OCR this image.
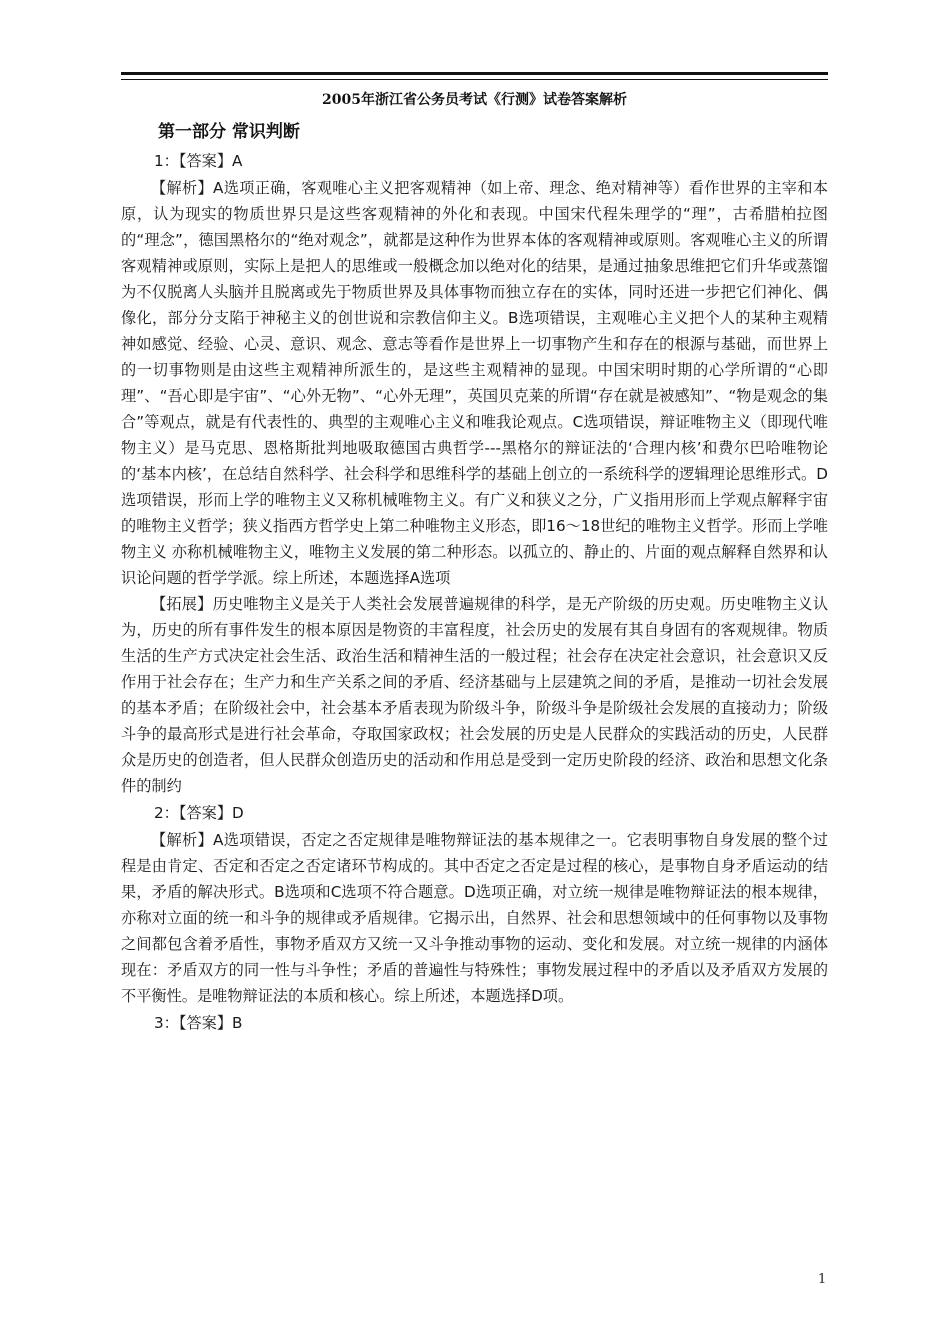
2005年浙江省公务员考试《行测》试卷答案解析
第一部分 常识判断

1：【答案】A

【解析】A选项正确，客观唯心主义把客观精神（如上帝、理念、绝对精神等）看作世界的主宰和本原，认为现实的物质世界只是这些客观精神的外化和表现。中国宋代程朱理学的“理”，古希腊柏拉图的“理念”，德国黑格尔的“绝对观念”，就都是这种作为世界本体的客观精神或原则。客观唯心主义的所谓客观精神或原则，实际上是把人的思维或一般概念加以绝对化的结果，是通过抽象思维把它们升华或蒸馏为不仅脱离人头脑并且脱离或先于物质世界及具体事物而独立存在的实体，同时还进一步把它们神化、偶像化，部分分支陷于神秘主义的创世说和宗教信仰主义。B选项错误，主观唯心主义把个人的某种主观精神如感觉、经验、心灵、意识、观念、意志等看作是世界上一切事物产生和存在的根源与基础，而世界上的一切事物则是由这些主观精神所派生的，是这些主观精神的显现。中国宋明时期的心学所谓的“心即理”、“吾心即是宇宙”、“心外无物”、“心外无理”，英国贝克莱的所谓“存在就是被感知”、“物是观念的集合”等观点，就是有代表性的、典型的主观唯心主义和唯我论观点。C选项错误，辩证唯物主义（即现代唯物主义）是马克思、恩格斯批判地吸取德国古典哲学---黑格尔的辩证法的‘合理内核’和费尔巴哈唯物论的‘基本内核’，在总结自然科学、社会科学和思维科学的基础上创立的一系统科学的逻辑理论思维形式。D选项错误，形而上学的唯物主义又称机械唯物主义。有广义和狭义之分，广义指用形而上学观点解释宇宙的唯物主义哲学；狭义指西方哲学史上第二种唯物主义形态，即16～18世纪的唯物主义哲学。形而上学唯物主义 亦称机械唯物主义，唯物主义发展的第二种形态。以孤立的、静止的、片面的观点解释自然界和认识论问题的哲学学派。综上所述，本题选择A选项

【拓展】历史唯物主义是关于人类社会发展普遍规律的科学，是无产阶级的历史观。历史唯物主义认为，历史的所有事件发生的根本原因是物资的丰富程度，社会历史的发展有其自身固有的客观规律。物质生活的生产方式决定社会生活、政治生活和精神生活的一般过程；社会存在决定社会意识，社会意识又反作用于社会存在；生产力和生产关系之间的矛盾、经济基础与上层建筑之间的矛盾，是推动一切社会发展的基本矛盾；在阶级社会中，社会基本矛盾表现为阶级斗争，阶级斗争是阶级社会发展的直接动力；阶级斗争的最高形式是进行社会革命，夺取国家政权；社会发展的历史是人民群众的实践活动的历史，人民群众是历史的创造者，但人民群众创造历史的活动和作用总是受到一定历史阶段的经济、政治和思想文化条件的制约

2：【答案】D

【解析】A选项错误，否定之否定规律是唯物辩证法的基本规律之一。它表明事物自身发展的整个过程是由肯定、否定和否定之否定诸环节构成的。其中否定之否定是过程的核心，是事物自身矛盾运动的结果，矛盾的解决形式。B选项和C选项不符合题意。D选项正确，对立统一规律是唯物辩证法的根本规律，亦称对立面的统一和斗争的规律或矛盾规律。它揭示出，自然界、社会和思想领域中的任何事物以及事物之间都包含着矛盾性，事物矛盾双方又统一又斗争推动事物的运动、变化和发展。对立统一规律的内涵体现在：矛盾双方的同一性与斗争性；矛盾的普遍性与特殊性；事物发展过程中的矛盾以及矛盾双方发展的不平衡性。是唯物辩证法的本质和核心。综上所述，本题选择D项。

3：【答案】B

1
